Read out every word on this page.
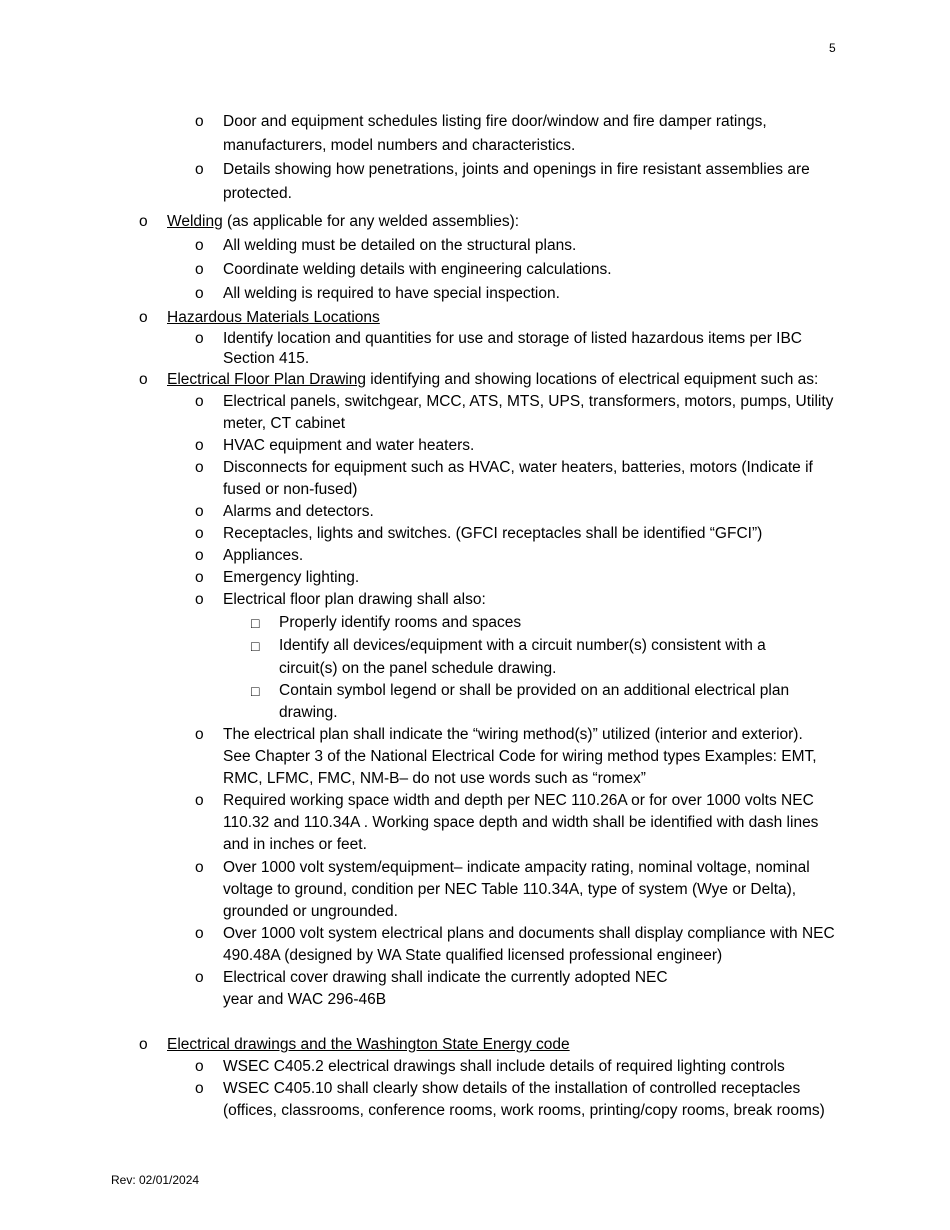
5
o Door and equipment schedules listing fire door/window and fire damper ratings,
manufacturers, model numbers and characteristics.
o Details showing how penetrations, joints and openings in fire resistant assemblies are
protected.
o Welding (as applicable for any welded assemblies):
o All welding must be detailed on the structural plans.
o Coordinate welding details with engineering calculations.
o All welding is required to have special inspection.
o Hazardous Materials Locations
o Identify location and quantities for use and storage of listed hazardous items per IBC
Section 415.
o Electrical Floor Plan Drawing identifying and showing locations of electrical equipment such as:
o Electrical panels, switchgear, MCC, ATS, MTS, UPS, transformers, motors, pumps, Utility
meter, CT cabinet
o HVAC equipment and water heaters.
o Disconnects for equipment such as HVAC, water heaters, batteries, motors (Indicate if
fused or non-fused)
o Alarms and detectors.
o Receptacles, lights and switches. (GFCI receptacles shall be identified “GFCI”)
o Appliances.
o Emergency lighting.
o Electrical floor plan drawing shall also:
□ Properly identify rooms and spaces
□ Identify all devices/equipment with a circuit number(s) consistent with a
circuit(s) on the panel schedule drawing.
□ Contain symbol legend or shall be provided on an additional electrical plan
drawing.
o The electrical plan shall indicate the “wiring method(s)” utilized (interior and exterior).
See Chapter 3 of the National Electrical Code for wiring method types Examples: EMT,
RMC, LFMC, FMC, NM-B– do not use words such as “romex”
o Required working space width and depth per NEC 110.26A or for over 1000 volts NEC
110.32 and 110.34A . Working space depth and width shall be identified with dash lines
and in inches or feet.
o Over 1000 volt system/equipment– indicate ampacity rating, nominal voltage, nominal
voltage to ground, condition per NEC Table 110.34A, type of system (Wye or Delta),
grounded or ungrounded.
o Over 1000 volt system electrical plans and documents shall display compliance with NEC
490.48A (designed by WA State qualified licensed professional engineer)
o Electrical cover drawing shall indicate the currently adopted NEC
year and WAC 296-46B
o Electrical drawings and the Washington State Energy code
o WSEC C405.2 electrical drawings shall include details of required lighting controls
o WSEC C405.10 shall clearly show details of the installation of controlled receptacles
(offices, classrooms, conference rooms, work rooms, printing/copy rooms, break rooms)
Rev: 02/01/2024
